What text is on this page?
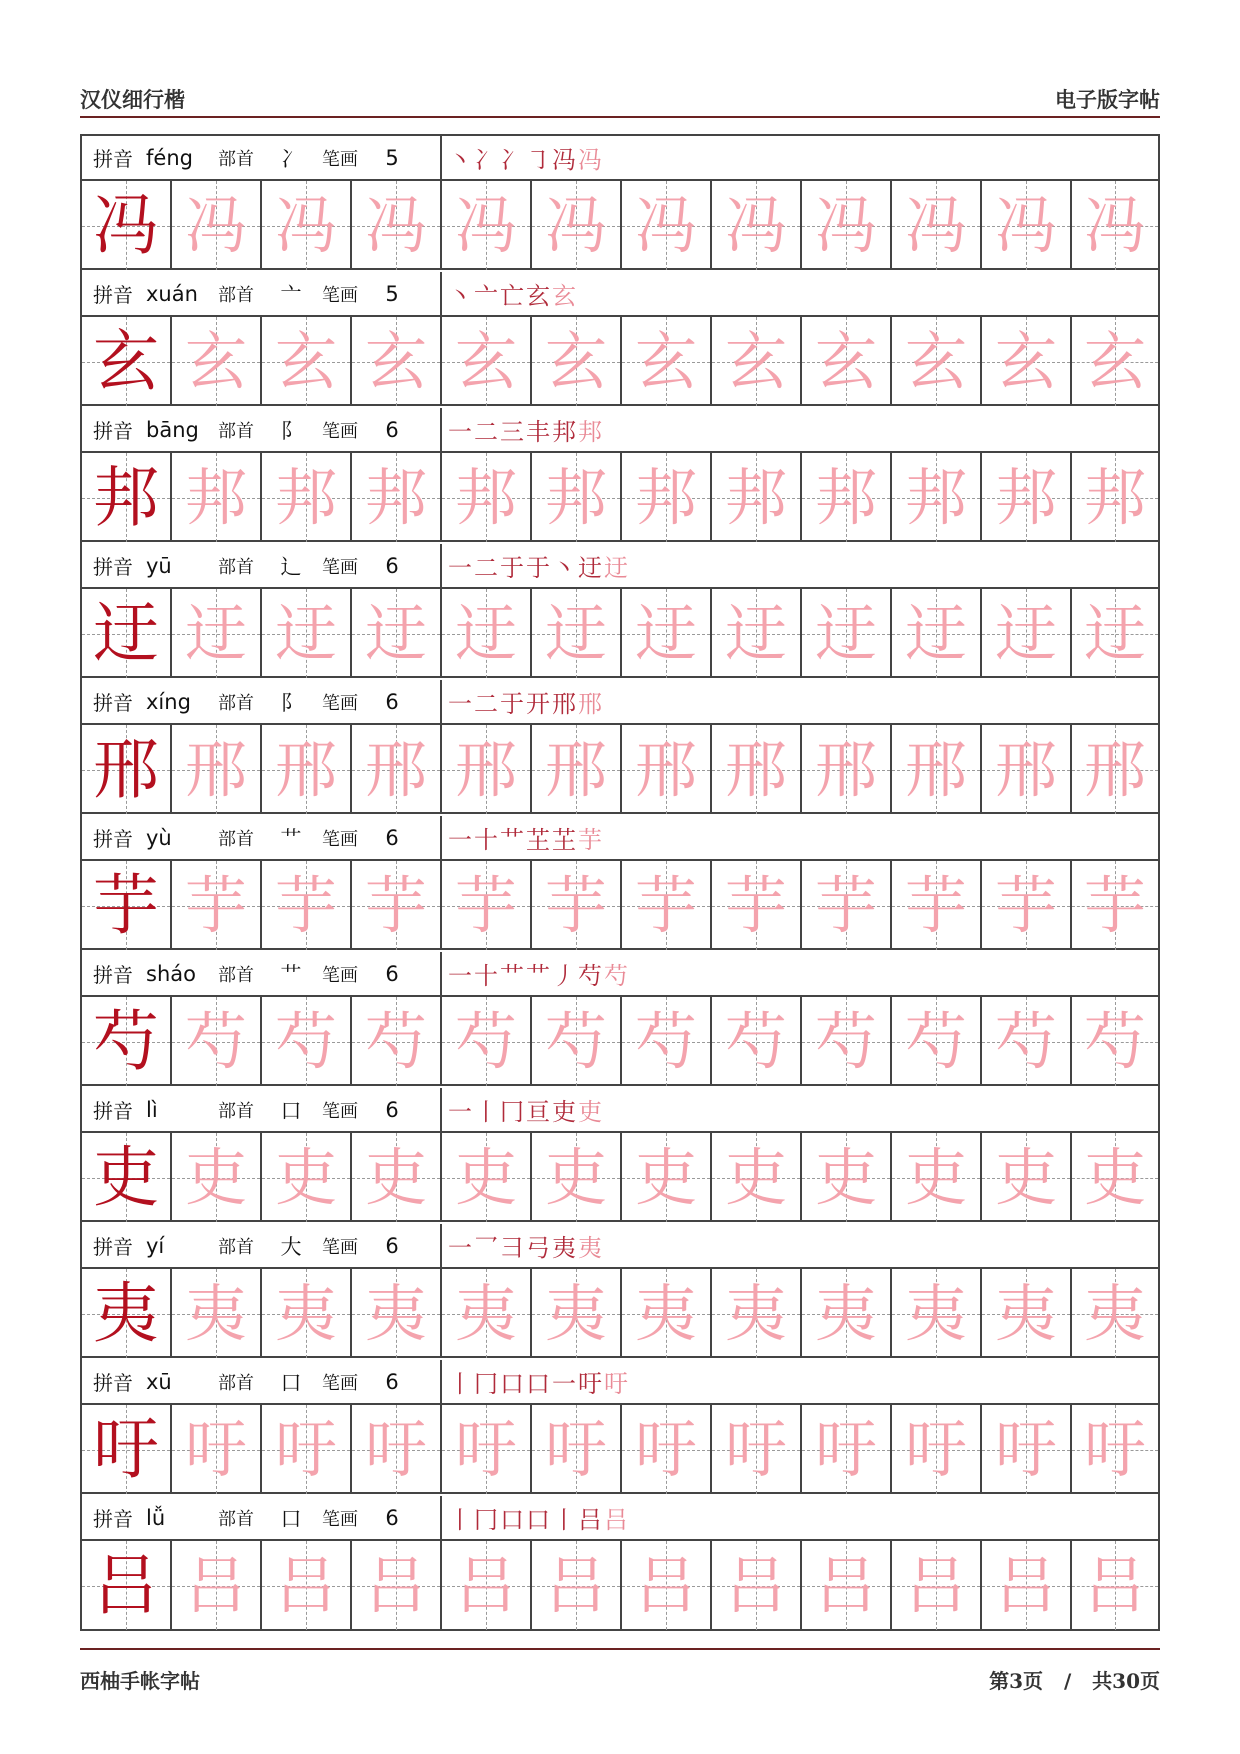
汉仪细行楷	电子版字帖
拼音 féng	部首	冫	笔画	5 丶 冫 冫㇆ 冯 冯
冯 冯 冯 冯 冯 冯 冯 冯 冯 冯 冯 冯
拼音 xuán	部首	亠	笔画	5 丶 亠 亡 玄 玄
玄 玄 玄 玄 玄 玄 玄 玄 玄 玄 玄 玄
拼音 bāng	部首	阝	笔画	6 一 二 三 丰 邦 邦
邦 邦 邦 邦 邦 邦 邦 邦 邦 邦 邦 邦
拼音 yū	部首	辶	笔画	6 一 二 于 于丶 迂 迂
迂 迂 迂 迂 迂 迂 迂 迂 迂 迂 迂 迂
拼音 xíng	部首	阝	笔画	6 一 二 于 开 邢 邢
邢 邢 邢 邢 邢 邢 邢 邢 邢 邢 邢 邢
拼音 yù	部首	艹	笔画	6 一 十 艹 芏 芏 芋
芋 芋 芋 芋 芋 芋 芋 芋 芋 芋 芋 芋
拼音 sháo	部首	艹	笔画	6 一 十 艹 艹丿 芍 芍
芍 芍 芍 芍 芍 芍 芍 芍 芍 芍 芍 芍
拼音 lì	部首	口	笔画	6 一 丨 冂 亘 吏 吏
吏 吏 吏 吏 吏 吏 吏 吏 吏 吏 吏 吏
拼音 yí	部首	大	笔画	6 一 乛 彐 弓 夷 夷
夷 夷 夷 夷 夷 夷 夷 夷 夷 夷 夷 夷
拼音 xū	部首	口	笔画	6 丨 冂 口 口一 吁 吁
吁 吁 吁 吁 吁 吁 吁 吁 吁 吁 吁 吁
拼音 lǚ	部首	口	笔画	6 丨 冂 口 口丨 吕 吕
吕 吕 吕 吕 吕 吕 吕 吕 吕 吕 吕 吕
西柚手帐字帖	第3页 / 共30页
